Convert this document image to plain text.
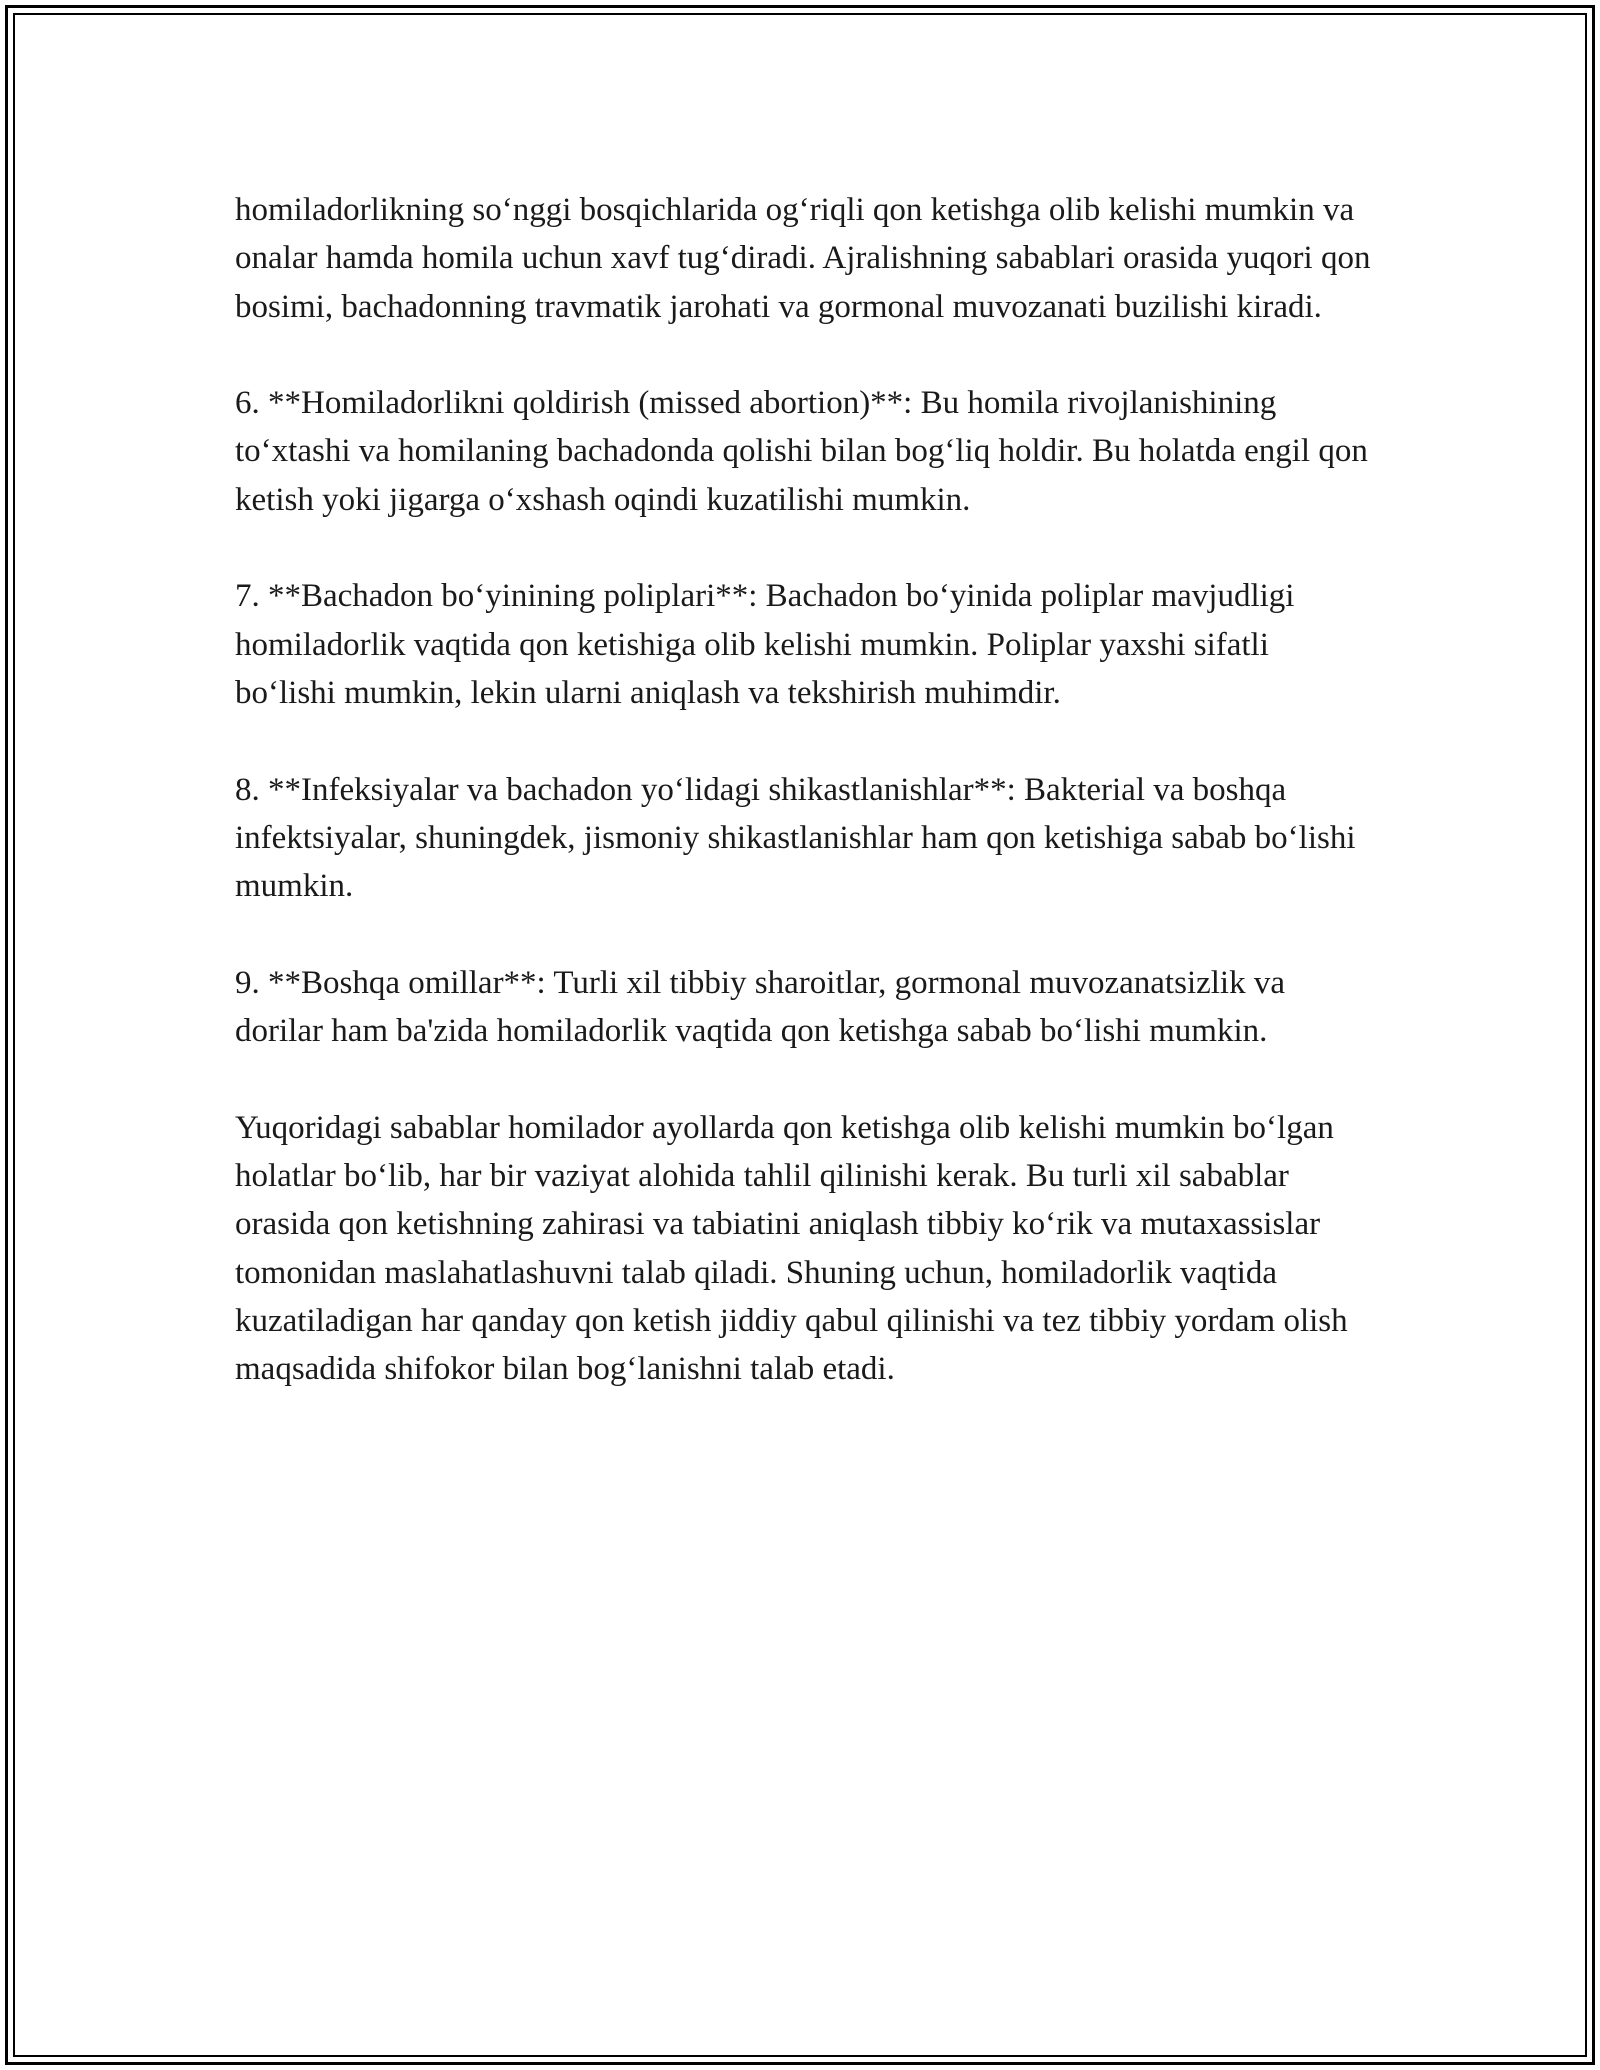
homiladorlikning so‘nggi bosqichlarida og‘riqli qon ketishga olib kelishi mumkin va onalar hamda homila uchun xavf tug‘diradi. Ajralishning sabablari orasida yuqori qon bosimi, bachadonning travmatik jarohati va gormonal muvozanati buzilishi kiradi.

6. **Homiladorlikni qoldirish (missed abortion)**: Bu homila rivojlanishining to‘xtashi va homilaning bachadonda qolishi bilan bog‘liq holdir. Bu holatda engil qon ketish yoki jigarga o‘xshash oqindi kuzatilishi mumkin.

7. **Bachadon bo‘yinining poliplari**: Bachadon bo‘yinida poliplar mavjudligi homiladorlik vaqtida qon ketishiga olib kelishi mumkin. Poliplar yaxshi sifatli bo‘lishi mumkin, lekin ularni aniqlash va tekshirish muhimdir.

8. **Infeksiyalar va bachadon yo‘lidagi shikastlanishlar**: Bakterial va boshqa infektsiyalar, shuningdek, jismoniy shikastlanishlar ham qon ketishiga sabab bo‘lishi mumkin.

9. **Boshqa omillar**: Turli xil tibbiy sharoitlar, gormonal muvozanatsizlik va dorilar ham ba'zida homiladorlik vaqtida qon ketishga sabab bo‘lishi mumkin.

Yuqoridagi sabablar homilador ayollarda qon ketishga olib kelishi mumkin bo‘lgan holatlar bo‘lib, har bir vaziyat alohida tahlil qilinishi kerak. Bu turli xil sabablar orasida qon ketishning zahirasi va tabiatini aniqlash tibbiy ko‘rik va mutaxassislar tomonidan maslahatlashuvni talab qiladi. Shuning uchun, homiladorlik vaqtida kuzatiladigan har qanday qon ketish jiddiy qabul qilinishi va tez tibbiy yordam olish maqsadida shifokor bilan bog‘lanishni talab etadi.
